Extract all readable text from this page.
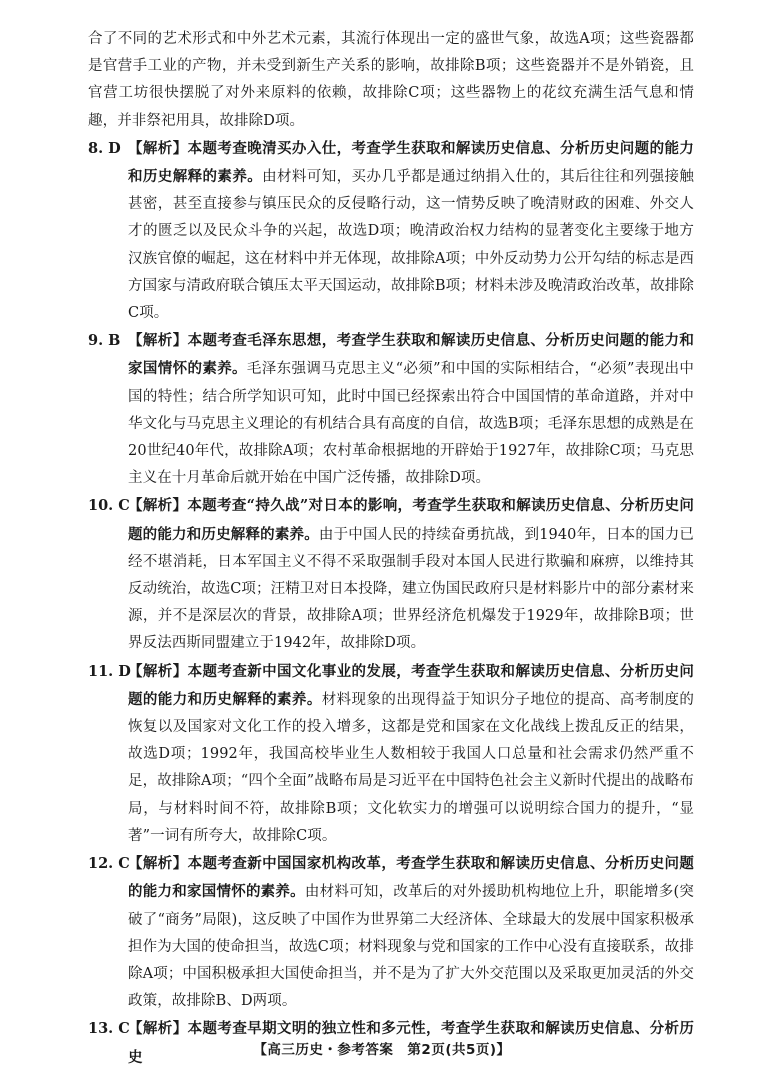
合了不同的艺术形式和中外艺术元素，其流行体现出一定的盛世气象，故选A项；这些瓷器都是官营手工业的产物，并未受到新生产关系的影响，故排除B项；这些瓷器并不是外销瓷，且官营工坊很快摆脱了对外来原料的依赖，故排除C项；这些器物上的花纹充满生活气息和情趣，并非祭祀用具，故排除D项。

8. D 【解析】本题考查晚清买办入仕，考查学生获取和解读历史信息、分析历史问题的能力和历史解释的素养。由材料可知，买办几乎都是通过纳捐入仕的，其后往往和列强接触甚密，甚至直接参与镇压民众的反侵略行动，这一情势反映了晚清财政的困难、外交人才的匮乏以及民众斗争的兴起，故选D项；晚清政治权力结构的显著变化主要缘于地方汉族官僚的崛起，这在材料中并无体现，故排除A项；中外反动势力公开勾结的标志是西方国家与清政府联合镇压太平天国运动，故排除B项；材料未涉及晚清政治改革，故排除C项。

9. B 【解析】本题考查毛泽东思想，考查学生获取和解读历史信息、分析历史问题的能力和家国情怀的素养。毛泽东强调马克思主义“必须”和中国的实际相结合，“必须”表现出中国的特性；结合所学知识可知，此时中国已经探索出符合中国国情的革命道路，并对中华文化与马克思主义理论的有机结合具有高度的自信，故选B项；毛泽东思想的成熟是在20世纪40年代，故排除A项；农村革命根据地的开辟始于1927年，故排除C项；马克思主义在十月革命后就开始在中国广泛传播，故排除D项。

10. C

【解析】本题考查“持久战”对日本的影响，考查学生获取和解读历史信息、分析历史问题的能力和历史解释的素养。由于中国人民的持续奋勇抗战，到1940年，日本的国力已经不堪消耗，日本军国主义不得不采取强制手段对本国人民进行欺骗和麻痹，以维持其反动统治，故选C项；汪精卫对日本投降，建立伪国民政府只是材料影片中的部分素材来源，并不是深层次的背景，故排除A项；世界经济危机爆发于1929年，故排除B项；世界反法西斯同盟建立于1942年，故排除D项。

11. D

【解析】本题考查新中国文化事业的发展，考查学生获取和解读历史信息、分析历史问题的能力和历史解释的素养。材料现象的出现得益于知识分子地位的提高、高考制度的恢复以及国家对文化工作的投入增多，这都是党和国家在文化战线上拨乱反正的结果，故选D项；1992年，我国高校毕业生人数相较于我国人口总量和社会需求仍然严重不足，故排除A项；“四个全面”战略布局是习近平在中国特色社会主义新时代提出的战略布局，与材料时间不符，故排除B项；文化软实力的增强可以说明综合国力的提升，“显著”一词有所夸大，故排除C项。

12. C

【解析】本题考查新中国国家机构改革，考查学生获取和解读历史信息、分析历史问题的能力和家国情怀的素养。由材料可知，改革后的对外援助机构地位上升，职能增多(突破了“商务”局限)，这反映了中国作为世界第二大经济体、全球最大的发展中国家积极承担作为大国的使命担当，故选C项；材料现象与党和国家的工作中心没有直接联系，故排除A项；中国积极承担大国使命担当，并不是为了扩大外交范围以及采取更加灵活的外交政策，故排除B、D两项。

13. C

【解析】本题考查早期文明的独立性和多元性，考查学生获取和解读历史信息、分析历史	【高三历史・参考答案　第2页(共5页)】
